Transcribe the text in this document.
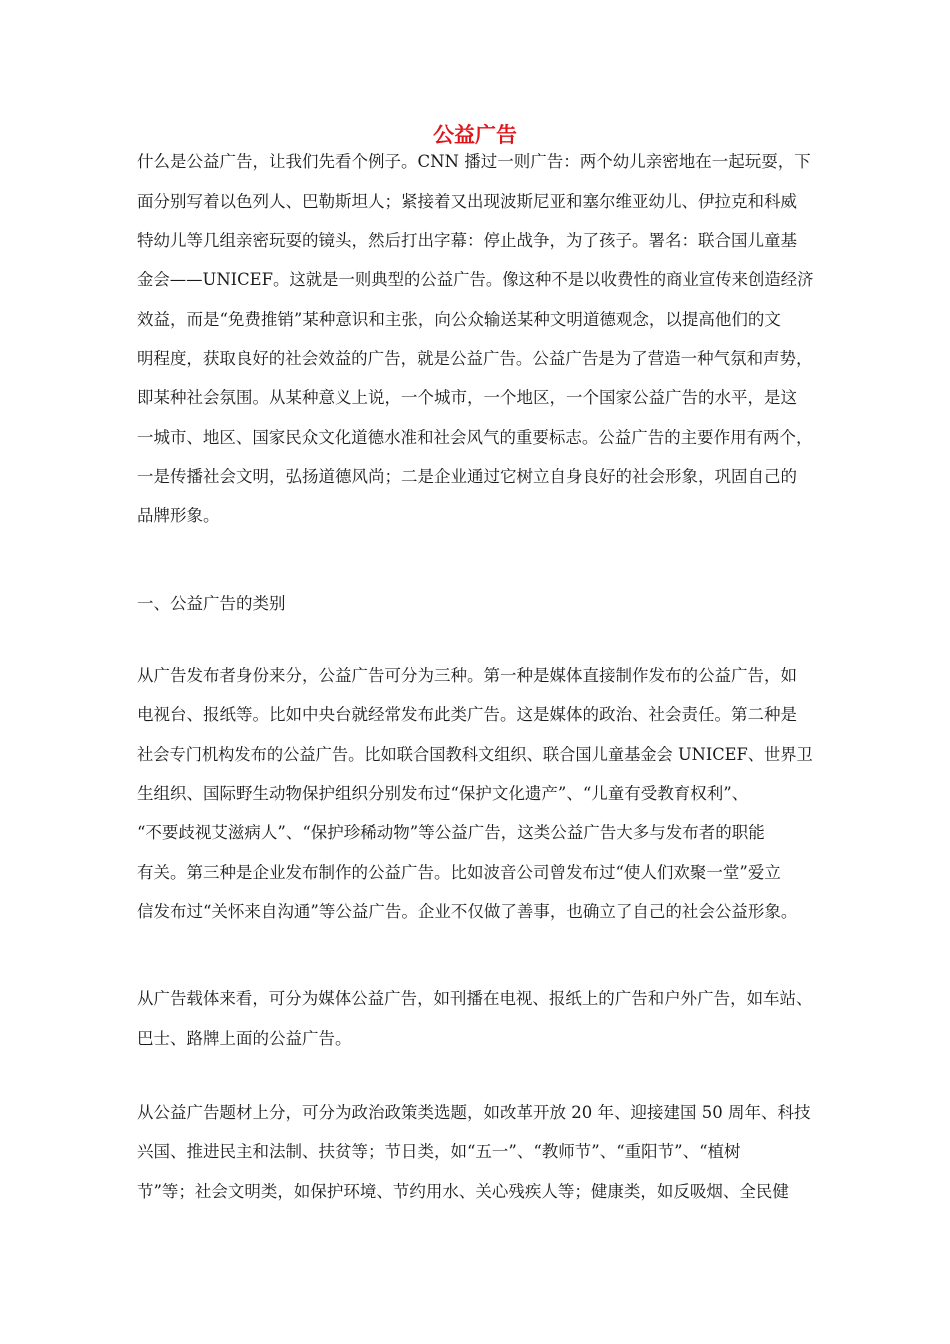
公益广告

什么是公益广告，让我们先看个例子。CNN 播过一则广告：两个幼儿亲密地在一起玩耍，下

面分别写着以色列人、巴勒斯坦人；紧接着又出现波斯尼亚和塞尔维亚幼儿、伊拉克和科威

特幼儿等几组亲密玩耍的镜头，然后打出字幕：停止战争，为了孩子。署名：联合国儿童基

金会——UNICEF。这就是一则典型的公益广告。像这种不是以收费性的商业宣传来创造经济

效益，而是“免费推销”某种意识和主张，向公众输送某种文明道德观念，以提高他们的文

明程度，获取良好的社会效益的广告，就是公益广告。公益广告是为了营造一种气氛和声势，

即某种社会氛围。从某种意义上说，一个城市，一个地区，一个国家公益广告的水平，是这

一城市、地区、国家民众文化道德水准和社会风气的重要标志。公益广告的主要作用有两个，

一是传播社会文明，弘扬道德风尚；二是企业通过它树立自身良好的社会形象，巩固自己的

品牌形象。

一、公益广告的类别

从广告发布者身份来分，公益广告可分为三种。第一种是媒体直接制作发布的公益广告，如

电视台、报纸等。比如中央台就经常发布此类广告。这是媒体的政治、社会责任。第二种是

社会专门机构发布的公益广告。比如联合国教科文组织、联合国儿童基金会 UNICEF、世界卫

生组织、国际野生动物保护组织分别发布过“保护文化遗产”、“儿童有受教育权利”、

“不要歧视艾滋病人”、“保护珍稀动物”等公益广告，这类公益广告大多与发布者的职能

有关。第三种是企业发布制作的公益广告。比如波音公司曾发布过“使人们欢聚一堂”爱立

信发布过“关怀来自沟通”等公益广告。企业不仅做了善事，也确立了自己的社会公益形象。

从广告载体来看，可分为媒体公益广告，如刊播在电视、报纸上的广告和户外广告，如车站、

巴士、路牌上面的公益广告。

从公益广告题材上分，可分为政治政策类选题，如改革开放 20 年、迎接建国 50 周年、科技

兴国、推进民主和法制、扶贫等；节日类，如“五一”、“教师节”、“重阳节”、“植树

节”等；社会文明类，如保护环境、节约用水、关心残疾人等；健康类，如反吸烟、全民健
